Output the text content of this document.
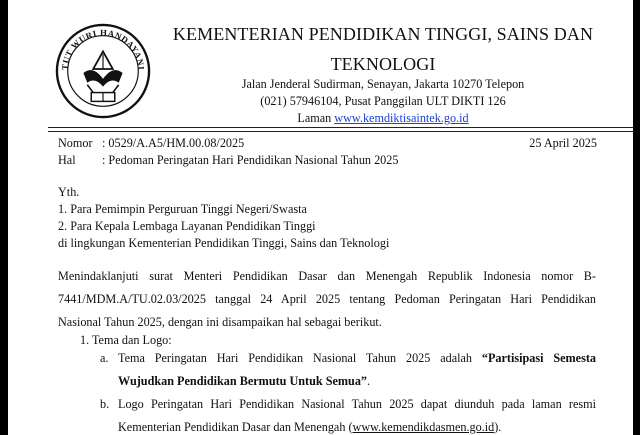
TUT WURI HANDAYANI
KEMENTERIAN PENDIDIKAN TINGGI, SAINS DAN
TEKNOLOGI
Jalan Jenderal Sudirman, Senayan, Jakarta 10270 Telepon
(021) 57946104, Pusat Panggilan ULT DIKTI 126
Laman www.kemdiktisaintek.go.id
Nomor : 0529/A.A5/HM.00.08/2025	25 April 2025
Hal : Pedoman Peringatan Hari Pendidikan Nasional Tahun 2025
Yth.
1. Para Pemimpin Perguruan Tinggi Negeri/Swasta
2. Para Kepala Lembaga Layanan Pendidikan Tinggi
di lingkungan Kementerian Pendidikan Tinggi, Sains dan Teknologi
Menindaklanjuti surat Menteri Pendidikan Dasar dan Menengah Republik Indonesia nomor B-
7441/MDM.A/TU.02.03/2025 tanggal 24 April 2025 tentang Pedoman Peringatan Hari Pendidikan
Nasional Tahun 2025, dengan ini disampaikan hal sebagai berikut.
1. Tema dan Logo:
a. Tema Peringatan Hari Pendidikan Nasional Tahun 2025 adalah “Partisipasi Semesta
Wujudkan Pendidikan Bermutu Untuk Semua”.
b. Logo Peringatan Hari Pendidikan Nasional Tahun 2025 dapat diunduh pada laman resmi
Kementerian Pendidikan Dasar dan Menengah (www.kemendikdasmen.go.id).
